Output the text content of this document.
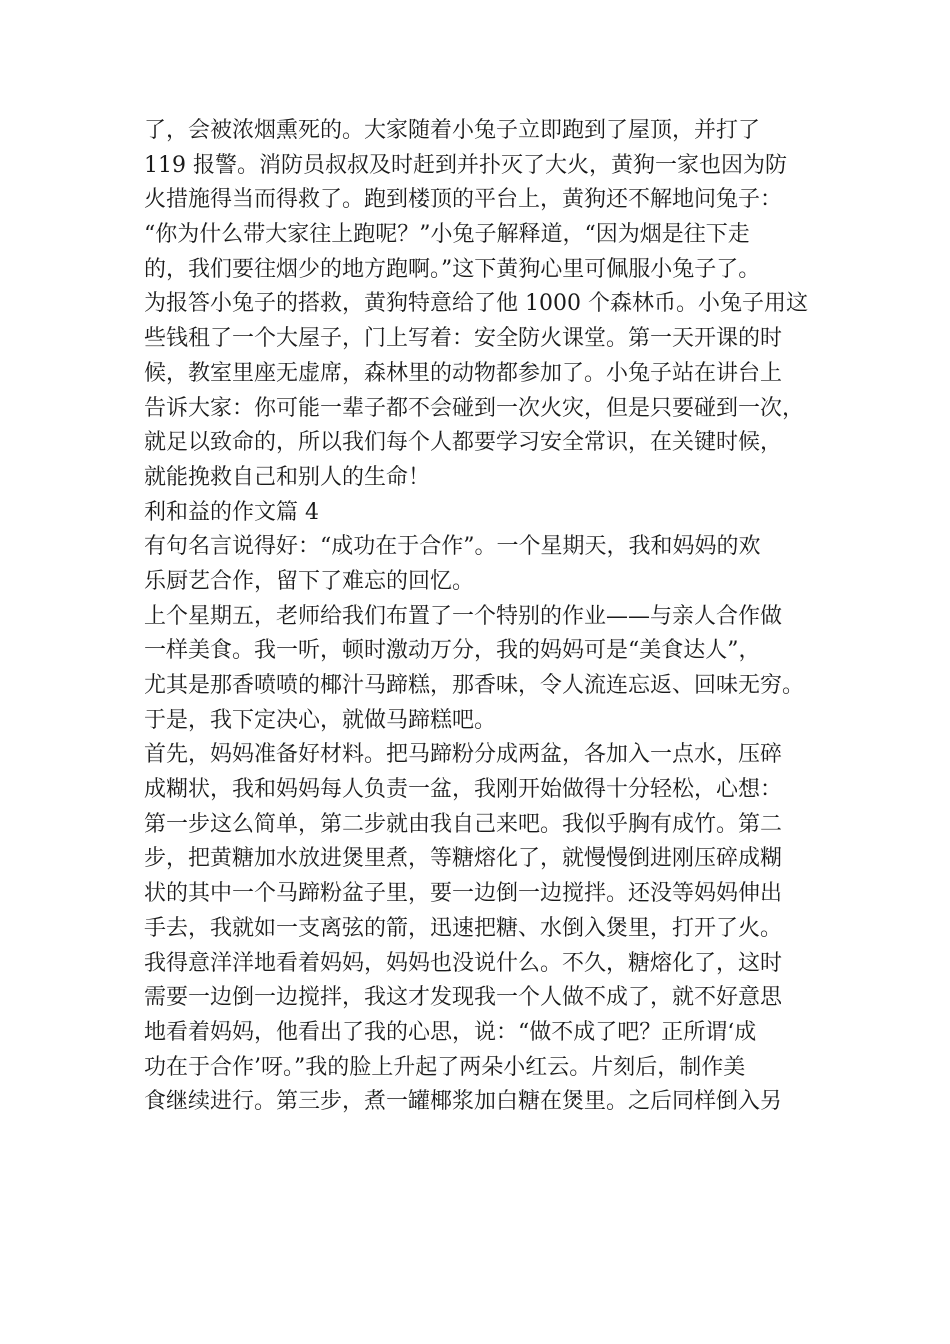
了，会被浓烟熏死的。大家随着小兔子立即跑到了屋顶，并打了
119 报警。消防员叔叔及时赶到并扑灭了大火，黄狗一家也因为防
火措施得当而得救了。跑到楼顶的平台上，黄狗还不解地问兔子：
“你为什么带大家往上跑呢？”小兔子解释道，“因为烟是往下走
的，我们要往烟少的地方跑啊。”这下黄狗心里可佩服小兔子了。
为报答小兔子的搭救，黄狗特意给了他 1000 个森林币。小兔子用这
些钱租了一个大屋子，门上写着：安全防火课堂。第一天开课的时
候，教室里座无虚席，森林里的动物都参加了。小兔子站在讲台上
告诉大家：你可能一辈子都不会碰到一次火灾，但是只要碰到一次，
就足以致命的，所以我们每个人都要学习安全常识，在关键时候，
就能挽救自己和别人的生命！
利和益的作文篇 4
有句名言说得好：“成功在于合作”。一个星期天，我和妈妈的欢
乐厨艺合作，留下了难忘的回忆。
上个星期五，老师给我们布置了一个特别的作业——与亲人合作做
一样美食。我一听，顿时激动万分，我的妈妈可是“美食达人”，
尤其是那香喷喷的椰汁马蹄糕，那香味，令人流连忘返、回味无穷。
于是，我下定决心，就做马蹄糕吧。
首先，妈妈准备好材料。把马蹄粉分成两盆，各加入一点水，压碎
成糊状，我和妈妈每人负责一盆，我刚开始做得十分轻松，心想：
第一步这么简单，第二步就由我自己来吧。我似乎胸有成竹。第二
步，把黄糖加水放进煲里煮，等糖熔化了，就慢慢倒进刚压碎成糊
状的其中一个马蹄粉盆子里，要一边倒一边搅拌。还没等妈妈伸出
手去，我就如一支离弦的箭，迅速把糖、水倒入煲里，打开了火。
我得意洋洋地看着妈妈，妈妈也没说什么。不久，糖熔化了，这时
需要一边倒一边搅拌，我这才发现我一个人做不成了，就不好意思
地看着妈妈，他看出了我的心思，说：“做不成了吧？正所谓‘成
功在于合作’呀。”我的脸上升起了两朵小红云。片刻后，制作美
食继续进行。第三步，煮一罐椰浆加白糖在煲里。之后同样倒入另
